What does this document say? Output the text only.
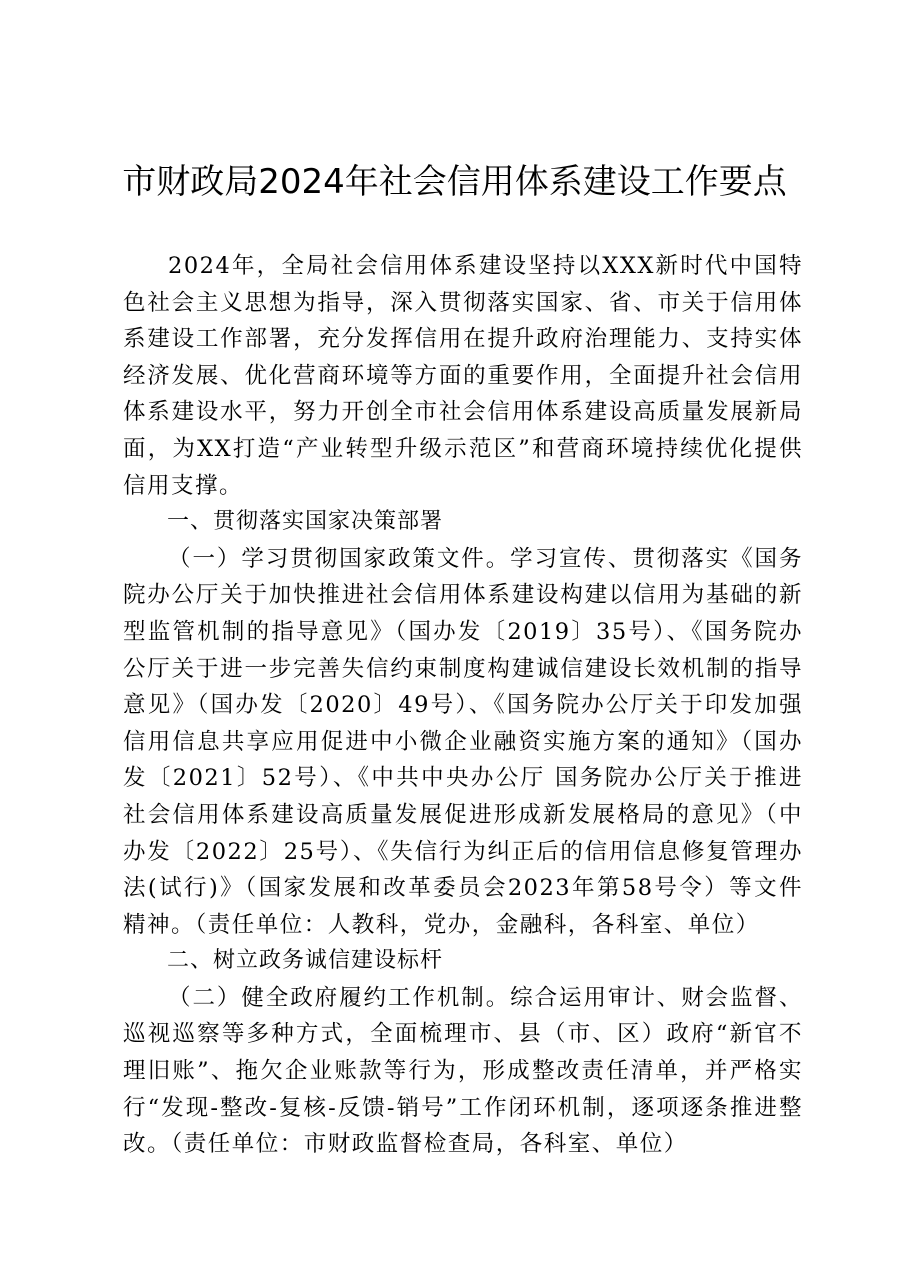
市财政局2024年社会信用体系建设工作要点

2024年，全局社会信用体系建设坚持以XXX新时代中国特色社会主义思想为指导，深入贯彻落实国家、省、市关于信用体系建设工作部署，充分发挥信用在提升政府治理能力、支持实体经济发展、优化营商环境等方面的重要作用，全面提升社会信用体系建设水平，努力开创全市社会信用体系建设高质量发展新局面，为XX打造“产业转型升级示范区”和营商环境持续优化提供信用支撑。

一、贯彻落实国家决策部署

（一）学习贯彻国家政策文件。学习宣传、贯彻落实《国务院办公厅关于加快推进社会信用体系建设构建以信用为基础的新型监管机制的指导意见》（国办发〔2019〕35号）、《国务院办公厅关于进一步完善失信约束制度构建诚信建设长效机制的指导意见》（国办发〔2020〕49号）、《国务院办公厅关于印发加强信用信息共享应用促进中小微企业融资实施方案的通知》（国办发〔2021〕52号）、《中共中央办公厅 国务院办公厅关于推进社会信用体系建设高质量发展促进形成新发展格局的意见》（中办发〔2022〕25号）、《失信行为纠正后的信用信息修复管理办法(试行)》（国家发展和改革委员会2023年第58号令）等文件精神。（责任单位：人教科，党办，金融科，各科室、单位）

二、树立政务诚信建设标杆

（二）健全政府履约工作机制。综合运用审计、财会监督、巡视巡察等多种方式，全面梳理市、县（市、区）政府“新官不理旧账”、拖欠企业账款等行为，形成整改责任清单，并严格实行“发现-整改-复核-反馈-销号”工作闭环机制，逐项逐条推进整改。（责任单位：市财政监督检查局，各科室、单位）
